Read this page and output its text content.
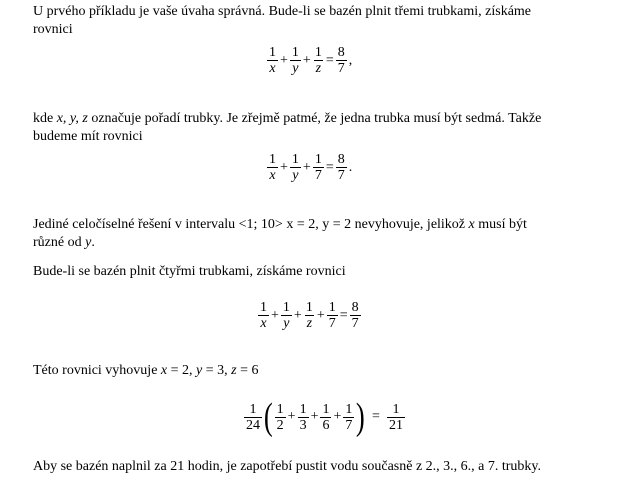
U prvého příkladu je vaše úvaha správná. Bude-li se bazén plnit třemi trubkami, získáme
rovnici
$\frac{1}{x} + \frac{1}{y} + \frac{1}{z} = \frac{8}{7}$ ,
kde x, y, z označuje pořadí trubky. Je zřejmě patmé, že jedna trubka musí být sedmá. Takže
budeme mít rovnici
$\frac{1}{x} + \frac{1}{y} + \frac{1}{7} = \frac{8}{7}$ .
Jediné celočíselné řešení v intervalu <1; 10> x = 2, y = 2 nevyhovuje, jelikož x musí být
různé od y.
Bude-li se bazén plnit čtyřmi trubkami, získáme rovnici
$\frac{1}{x} + \frac{1}{y} + \frac{1}{z} + \frac{1}{7} = \frac{8}{7}$
Této rovnici vyhovuje x = 2, y = 3, z = 6
$\frac{1}{24}$ ( $\frac{1}{2} + \frac{1}{3} + \frac{1}{6} + \frac{1}{7}$ ) = $\frac{1}{21}$
Aby se bazén naplnil za 21 hodin, je zapotřebí pustit vodu současně z 2., 3., 6., a 7. trubky.
